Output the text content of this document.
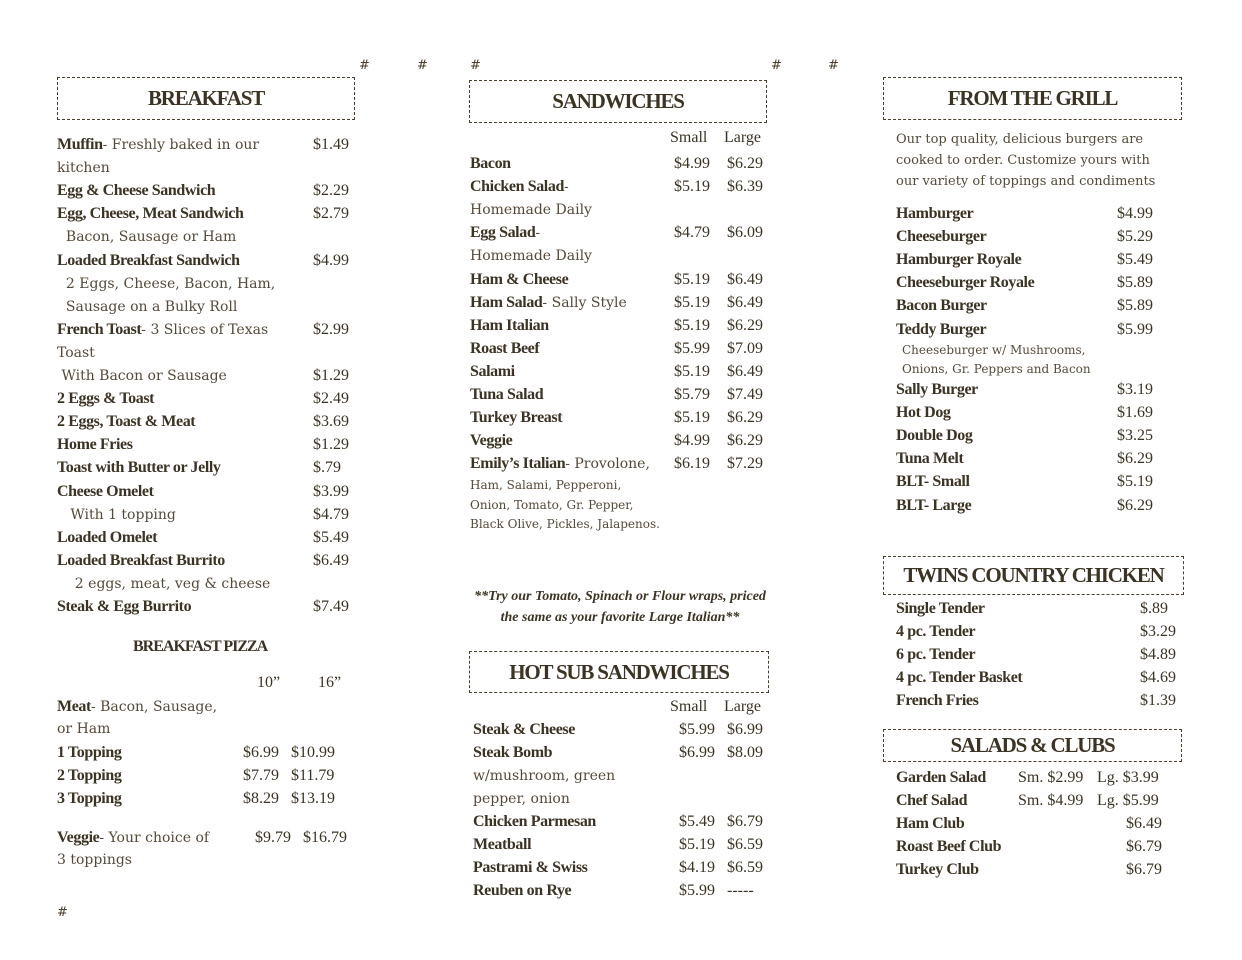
#	#	#	#	#
#
BREAKFAST
Muffin- Freshly baked in our	$1.49
kitchen
Egg & Cheese Sandwich	$2.29
Egg, Cheese, Meat Sandwich	$2.79
Bacon, Sausage or Ham
Loaded Breakfast Sandwich	$4.99
2 Eggs, Cheese, Bacon, Ham,
Sausage on a Bulky Roll
French Toast- 3 Slices of Texas	$2.99
Toast
With Bacon or Sausage	$1.29
2 Eggs & Toast	$2.49
2 Eggs, Toast & Meat	$3.69
Home Fries	$1.29
Toast with Butter or Jelly	$.79
Cheese Omelet	$3.99
With 1 topping	$4.79
Loaded Omelet	$5.49
Loaded Breakfast Burrito	$6.49
2 eggs, meat, veg & cheese
Steak & Egg Burrito	$7.49
BREAKFAST PIZZA
10” 16”
Meat- Bacon, Sausage,
or Ham
1 Topping	$6.99 $10.99
2 Topping	$7.79 $11.79
3 Topping	$8.29 $13.19
Veggie- Your choice of	$9.79 $16.79
3 toppings
SANDWICHES
Small Large
Bacon	$4.99 $6.29
Chicken Salad-	$5.19 $6.39
Homemade Daily
Egg Salad-	$4.79 $6.09
Homemade Daily
Ham & Cheese	$5.19 $6.49
Ham Salad- Sally Style	$5.19 $6.49
Ham Italian	$5.19 $6.29
Roast Beef	$5.99 $7.09
Salami	$5.19 $6.49
Tuna Salad	$5.79 $7.49
Turkey Breast	$5.19 $6.29
Veggie	$4.99 $6.29
Emily’s Italian- Provolone, $6.19 $7.29
Ham, Salami, Pepperoni,
Onion, Tomato, Gr. Pepper,
Black Olive, Pickles, Jalapenos.
**Try our Tomato, Spinach or Flour wraps, priced the same as your favorite Large Italian**
HOT SUB SANDWICHES
Small Large
Steak & Cheese	$5.99 $6.99
Steak Bomb	$6.99 $8.09
w/mushroom, green
pepper, onion
Chicken Parmesan	$5.49 $6.79
Meatball	$5.19 $6.59
Pastrami & Swiss	$4.19 $6.59
Reuben on Rye	$5.99 -----
FROM THE GRILL
Our top quality, delicious burgers are
cooked to order. Customize yours with
our variety of toppings and condiments
Hamburger	$4.99
Cheeseburger	$5.29
Hamburger Royale	$5.49
Cheeseburger Royale	$5.89
Bacon Burger	$5.89
Teddy Burger	$5.99
Cheeseburger w/ Mushrooms,
Onions, Gr. Peppers and Bacon
Sally Burger	$3.19
Hot Dog	$1.69
Double Dog	$3.25
Tuna Melt	$6.29
BLT- Small	$5.19
BLT- Large	$6.29
TWINS COUNTRY CHICKEN
Single Tender	$.89
4 pc. Tender	$3.29
6 pc. Tender	$4.89
4 pc. Tender Basket	$4.69
French Fries	$1.39
SALADS & CLUBS
Garden Salad Sm. $2.99 Lg. $3.99
Chef Salad	Sm. $4.99 Lg. $5.99
Ham Club	$6.49
Roast Beef Club	$6.79
Turkey Club	$6.79
